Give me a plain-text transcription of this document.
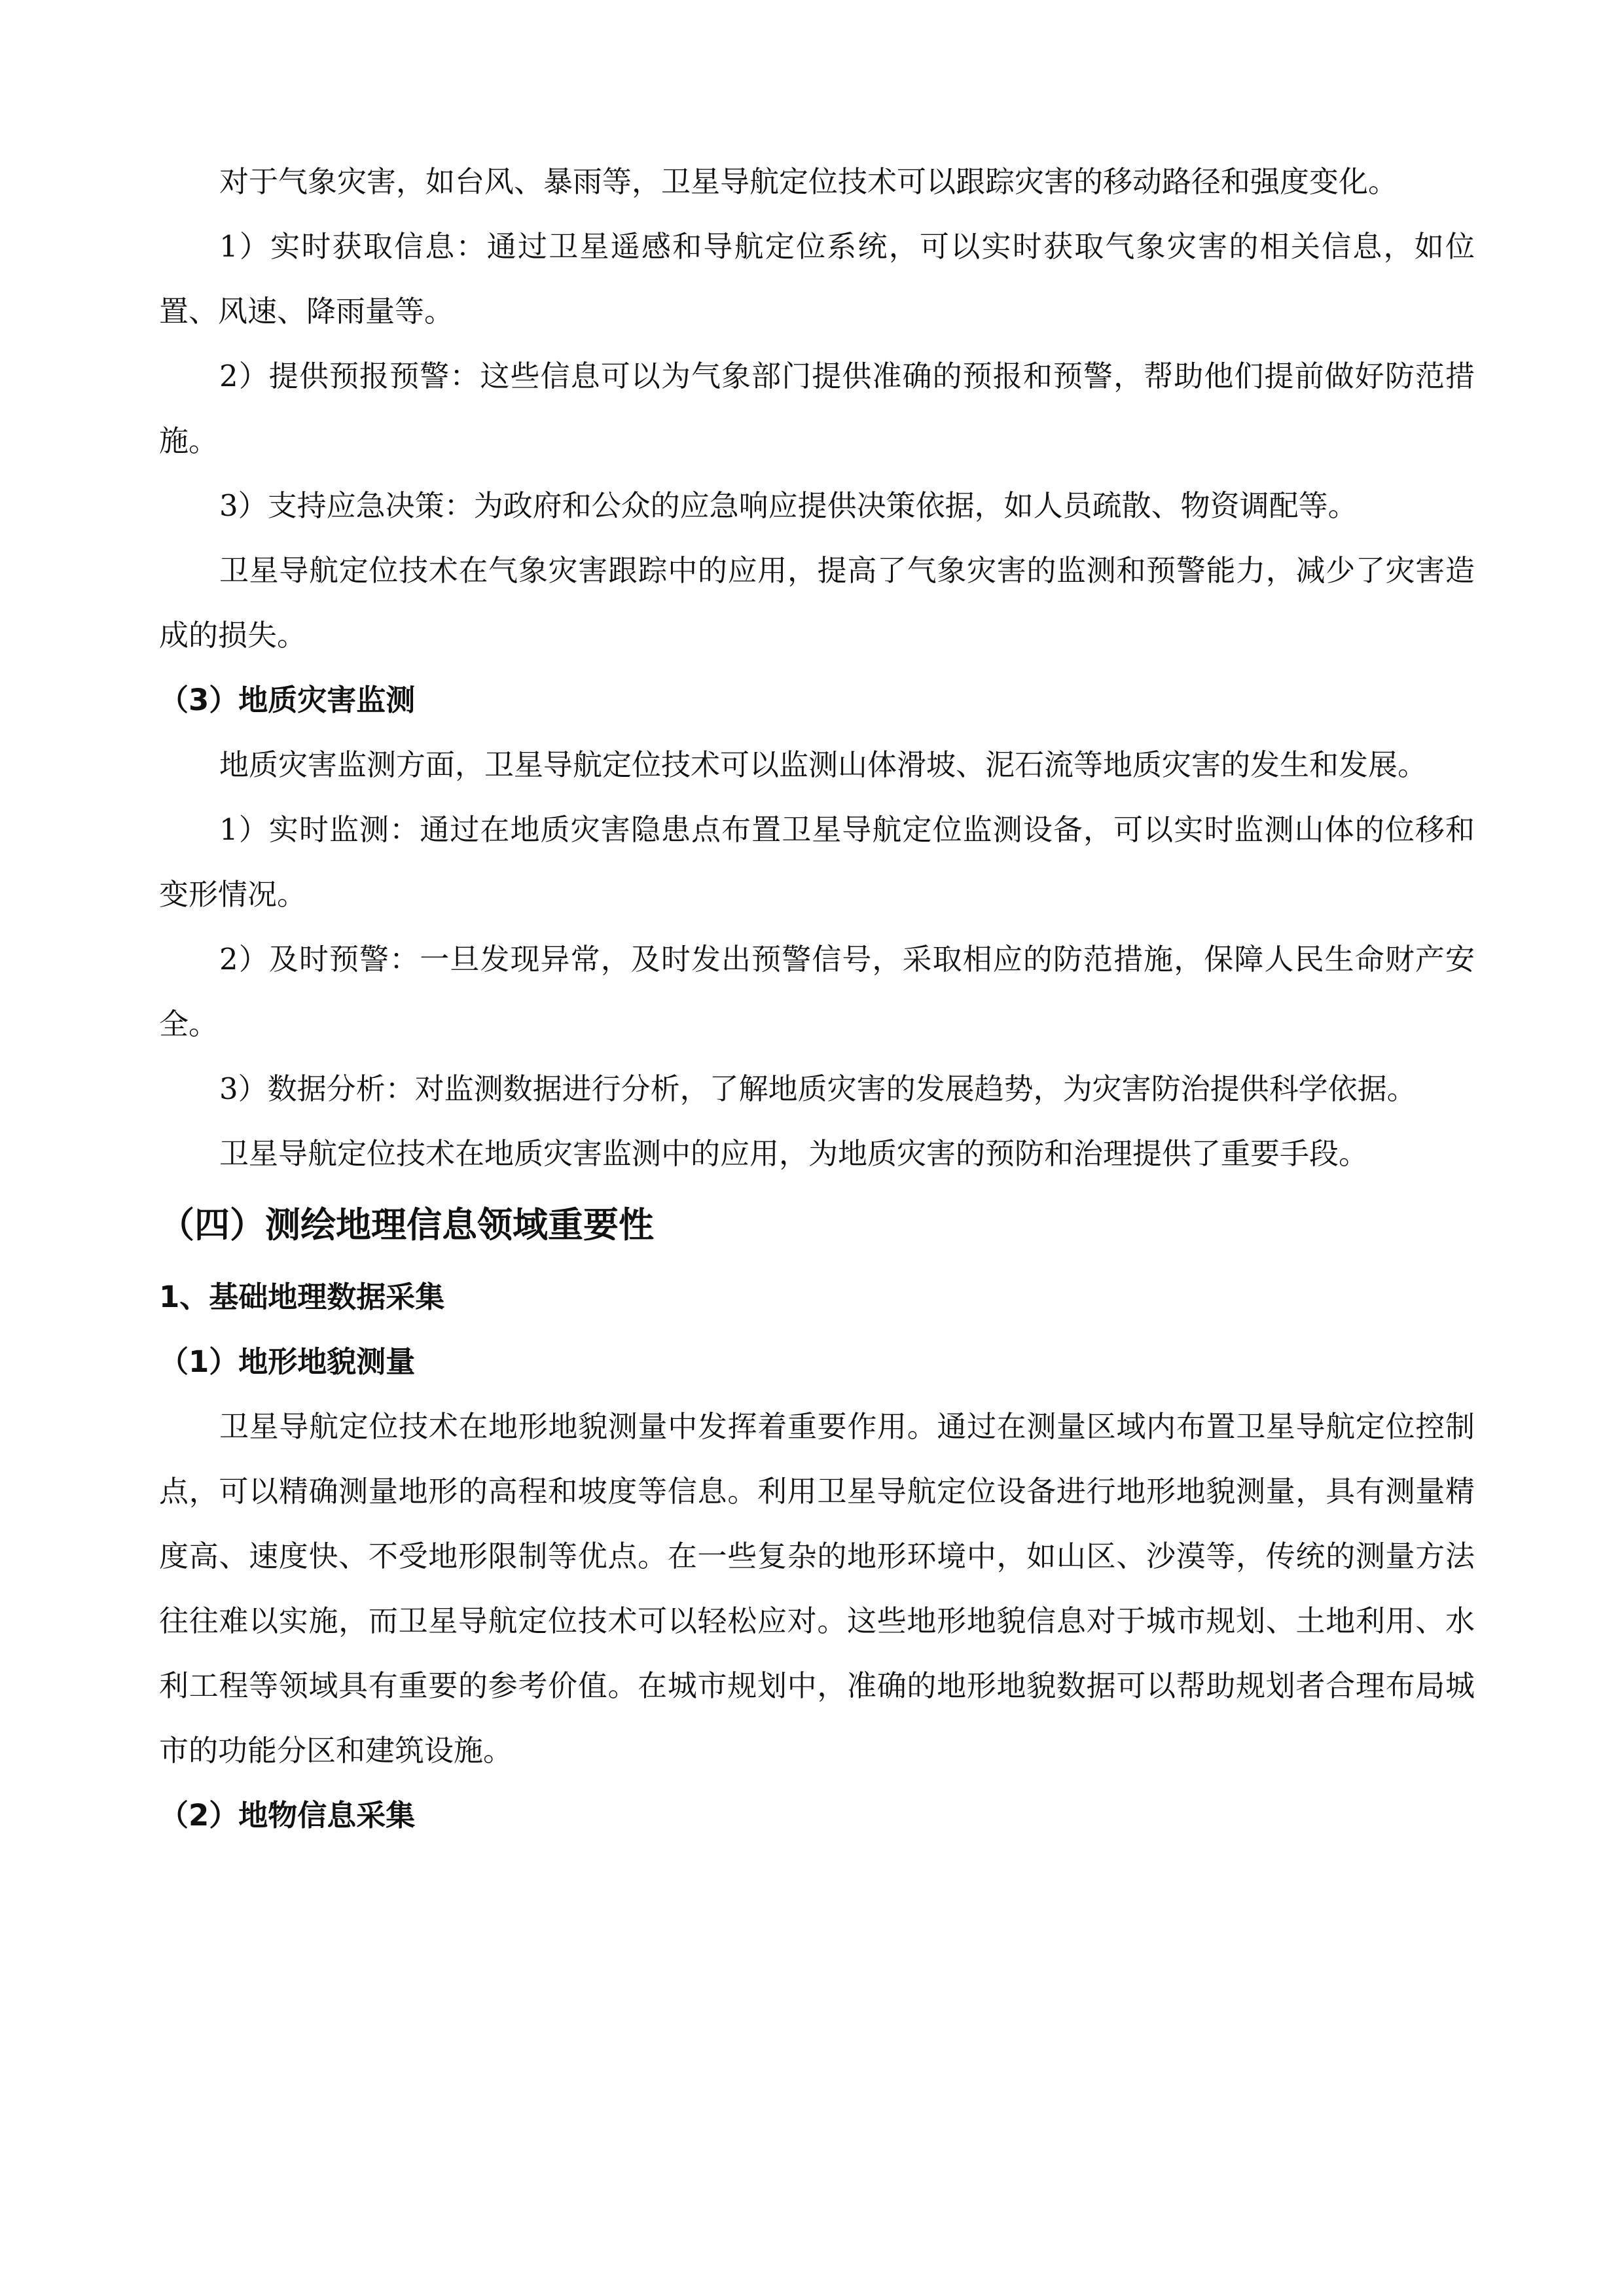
对于气象灾害，如台风、暴雨等，卫星导航定位技术可以跟踪灾害的移动路径和强度变化。

1）实时获取信息：通过卫星遥感和导航定位系统，可以实时获取气象灾害的相关信息，如位置、风速、降雨量等。

2）提供预报预警：这些信息可以为气象部门提供准确的预报和预警，帮助他们提前做好防范措施。

3）支持应急决策：为政府和公众的应急响应提供决策依据，如人员疏散、物资调配等。

卫星导航定位技术在气象灾害跟踪中的应用，提高了气象灾害的监测和预警能力，减少了灾害造成的损失。

（3）地质灾害监测

地质灾害监测方面，卫星导航定位技术可以监测山体滑坡、泥石流等地质灾害的发生和发展。

1）实时监测：通过在地质灾害隐患点布置卫星导航定位监测设备，可以实时监测山体的位移和变形情况。

2）及时预警：一旦发现异常，及时发出预警信号，采取相应的防范措施，保障人民生命财产安全。

3）数据分析：对监测数据进行分析，了解地质灾害的发展趋势，为灾害防治提供科学依据。

卫星导航定位技术在地质灾害监测中的应用，为地质灾害的预防和治理提供了重要手段。

（四）测绘地理信息领域重要性
1、基础地理数据采集
（1）地形地貌测量

卫星导航定位技术在地形地貌测量中发挥着重要作用。通过在测量区域内布置卫星导航定位控制点，可以精确测量地形的高程和坡度等信息。利用卫星导航定位设备进行地形地貌测量，具有测量精度高、速度快、不受地形限制等优点。在一些复杂的地形环境中，如山区、沙漠等，传统的测量方法往往难以实施，而卫星导航定位技术可以轻松应对。这些地形地貌信息对于城市规划、土地利用、水利工程等领域具有重要的参考价值。在城市规划中，准确的地形地貌数据可以帮助规划者合理布局城市的功能分区和建筑设施。

（2）地物信息采集
